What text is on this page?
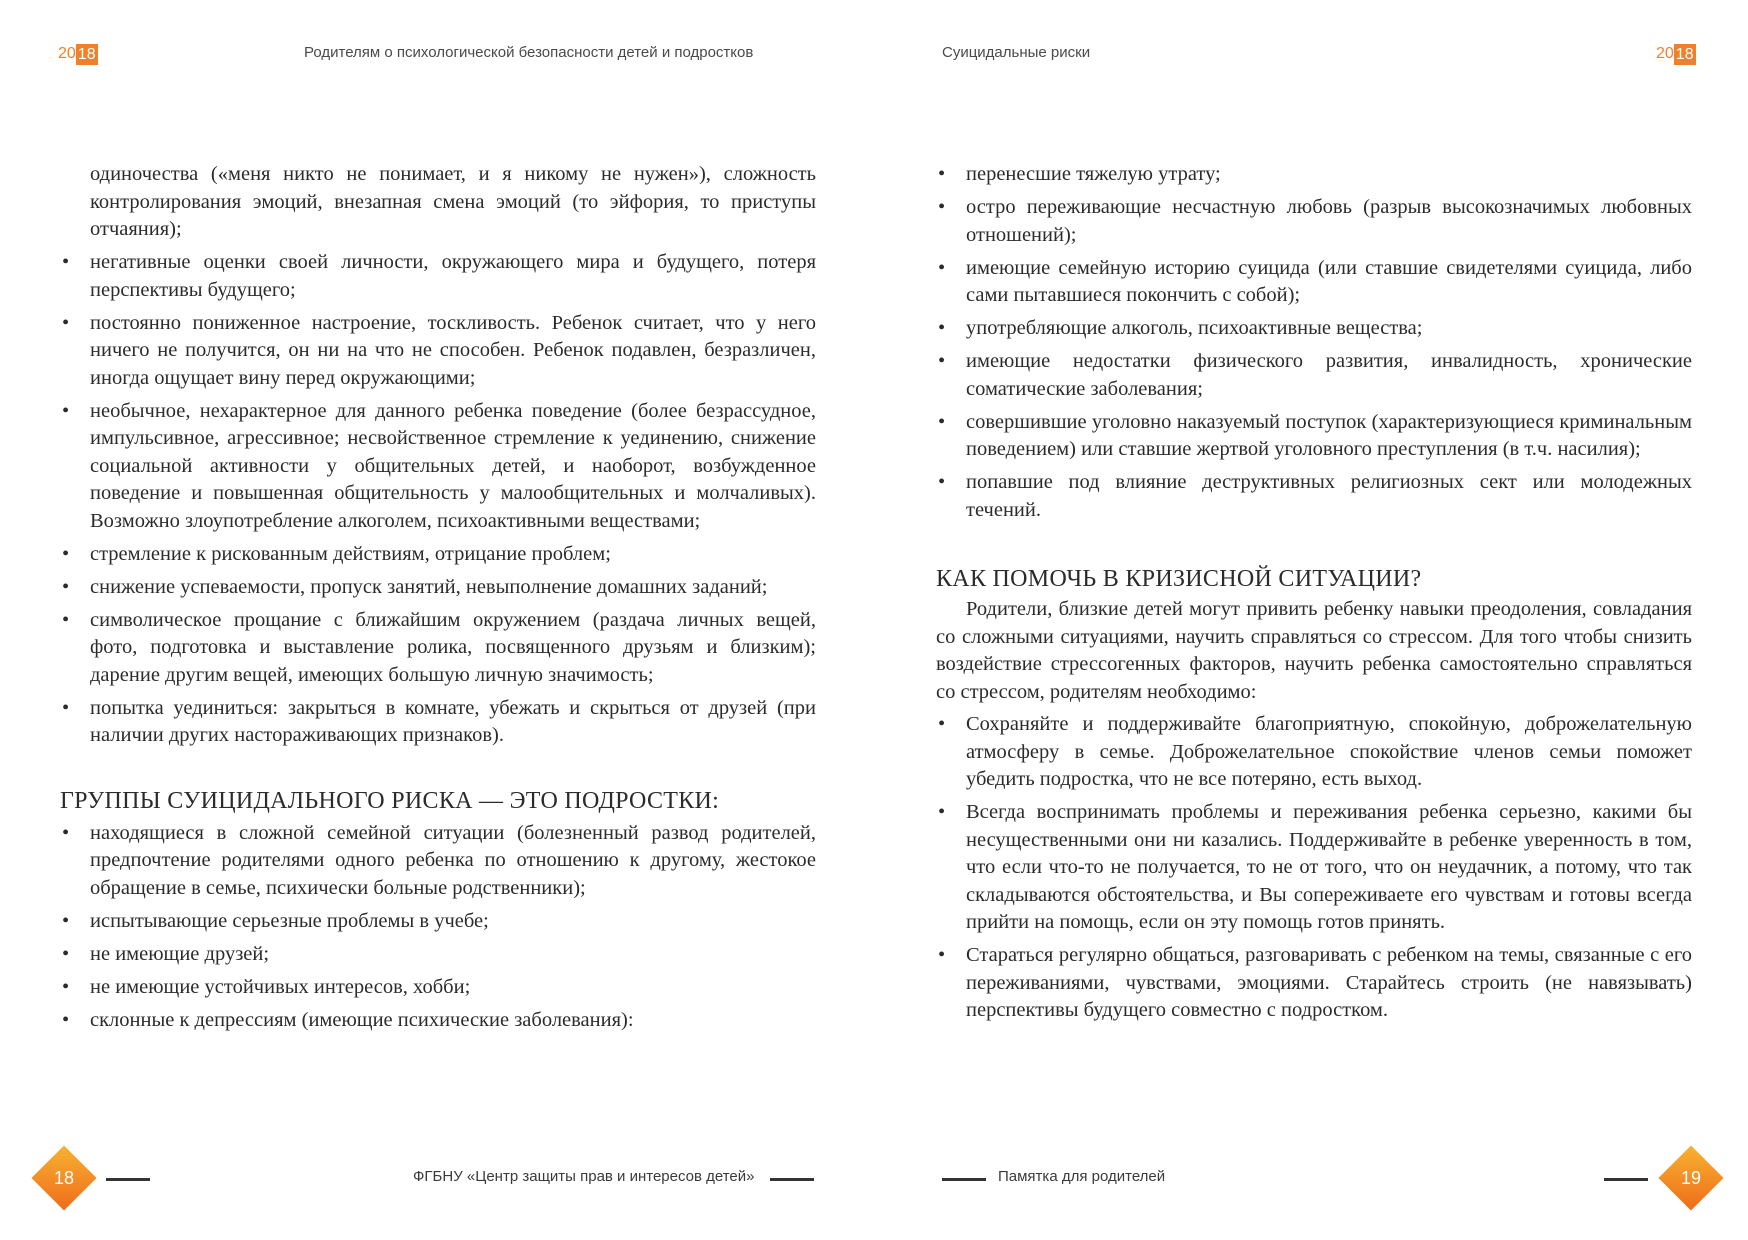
20 18	Родителям о психологической безопасности детей и подростков

одиночества («меня никто не понимает, и я никому не нужен»), сложность контролирования эмоций, внезапная смена эмоций (то эйфория, то приступы отчаяния);

• негативные оценки своей личности, окружающего мира и будущего, потеря перспективы будущего;
• постоянно пониженное настроение, тоскливость. Ребенок считает, что у него ничего не получится, он ни на что не способен. Ребенок подавлен, безразличен, иногда ощущает вину перед окружающими;
• необычное, нехарактерное для данного ребенка поведение (более безрассудное, импульсивное, агрессивное; несвойственное стремление к уединению, снижение социальной активности у общительных детей, и наоборот, возбужденное поведение и повышенная общительность у малообщительных и молчаливых). Возможно злоупотребление алкоголем, психоактивными веществами;
• стремление к рискованным действиям, отрицание проблем;
• снижение успеваемости, пропуск занятий, невыполнение домашних заданий;
• символическое прощание с ближайшим окружением (раздача личных вещей, фото, подготовка и выставление ролика, посвященного друзьям и близким); дарение другим вещей, имеющих большую личную значимость;
• попытка уединиться: закрыться в комнате, убежать и скрыться от друзей (при наличии других настораживающих признаков).
ГРУППЫ СУИЦИДАЛЬНОГО РИСКА — ЭТО ПОДРОСТКИ:
• находящиеся в сложной семейной ситуации (болезненный развод родителей, предпочтение родителями одного ребенка по отношению к другому, жестокое обращение в семье, психически больные родственники);
• испытывающие серьезные проблемы в учебе;
• не имеющие друзей;
• не имеющие устойчивых интересов, хобби;
• склонные к депрессиям (имеющие психические заболевания):
18	ФГБНУ «Центр защиты прав и интересов детей»
Суицидальные риски	20 18
• перенесшие тяжелую утрату;
• остро переживающие несчастную любовь (разрыв высокозначимых любовных отношений);
• имеющие семейную историю суицида (или ставшие свидетелями суицида, либо сами пытавшиеся покончить с собой);
• употребляющие алкоголь, психоактивные вещества;
• имеющие недостатки физического развития, инвалидность, хронические соматические заболевания;
• совершившие уголовно наказуемый поступок (характеризующиеся криминальным поведением) или ставшие жертвой уголовного преступления (в т.ч. насилия);
• попавшие под влияние деструктивных религиозных сект или молодежных течений.
КАК ПОМОЧЬ В КРИЗИСНОЙ СИТУАЦИИ?

Родители, близкие детей могут привить ребенку навыки преодоления, совладания со сложными ситуациями, научить справляться со стрессом. Для того чтобы снизить воздействие стрессогенных факторов, научить ребенка самостоятельно справляться со стрессом, родителям необходимо:

• Сохраняйте и поддерживайте благоприятную, спокойную, доброжелательную атмосферу в семье. Доброжелательное спокойствие членов семьи поможет убедить подростка, что не все потеряно, есть выход.
• Всегда воспринимать проблемы и переживания ребенка серьезно, какими бы несущественными они ни казались. Поддерживайте в ребенке уверенность в том, что если что-то не получается, то не от того, что он неудачник, а потому, что так складываются обстоятельства, и Вы сопереживаете его чувствам и готовы всегда прийти на помощь, если он эту помощь готов принять.
• Стараться регулярно общаться, разговаривать с ребенком на темы, связанные с его переживаниями, чувствами, эмоциями. Старайтесь строить (не навязывать) перспективы будущего совместно с подростком.
Памятка для родителей	19
